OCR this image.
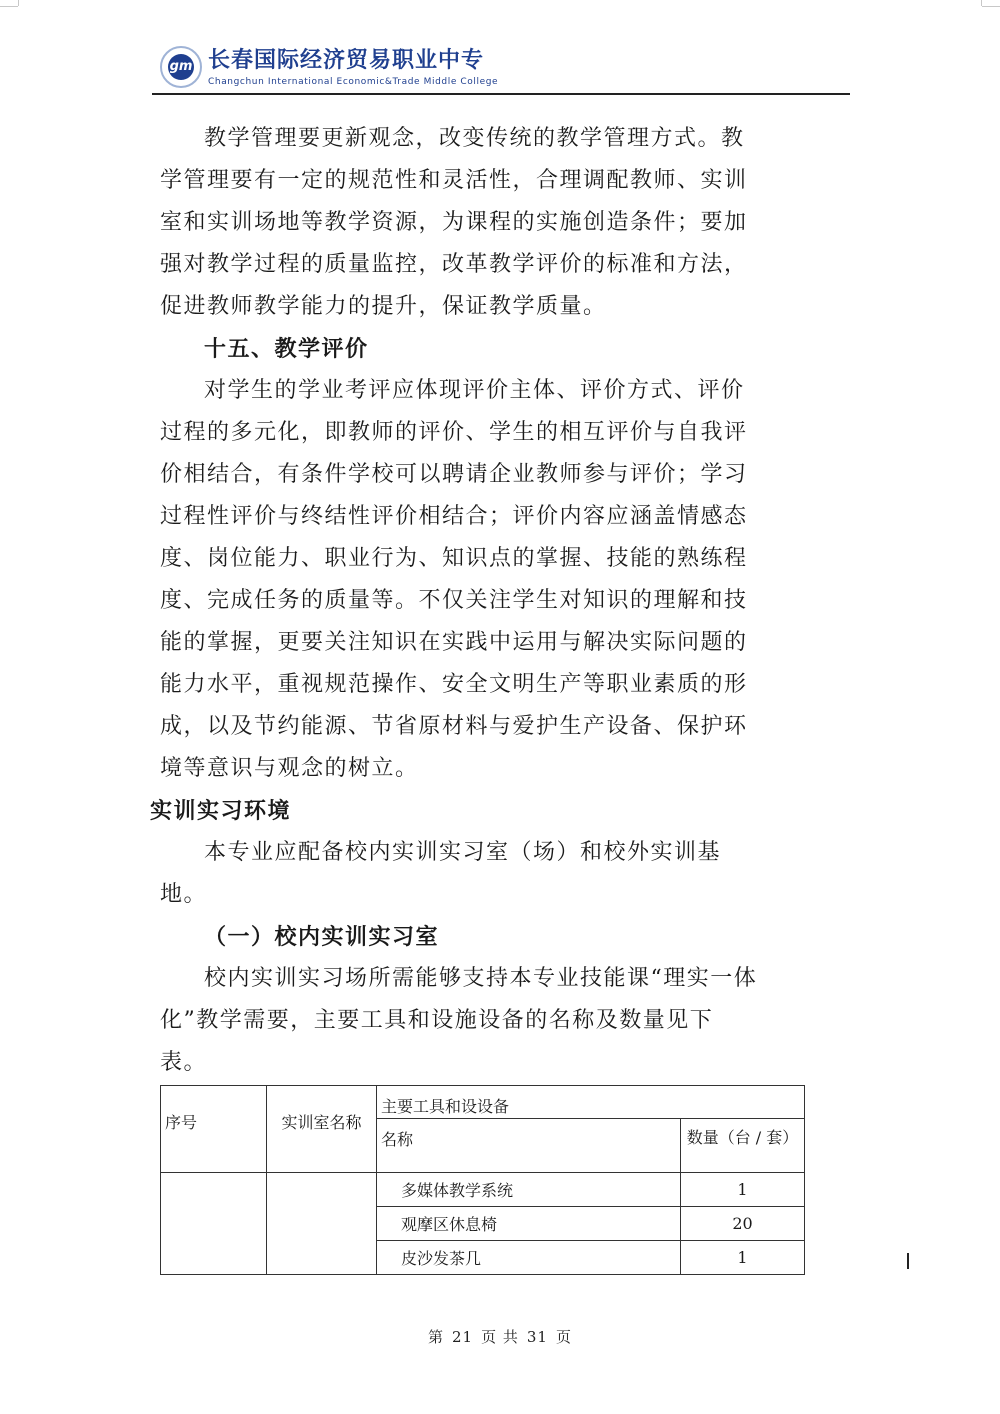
gm 长春国际经济贸易职业中专
Changchun International Economic&Trade Middle College

教学管理要更新观念，改变传统的教学管理方式。教学管理要有一定的规范性和灵活性，合理调配教师、实训室和实训场地等教学资源，为课程的实施创造条件；要加强对教学过程的质量监控，改革教学评价的标准和方法，促进教师教学能力的提升，保证教学质量。

十五、教学评价

对学生的学业考评应体现评价主体、评价方式、评价过程的多元化，即教师的评价、学生的相互评价与自我评价相结合，有条件学校可以聘请企业教师参与评价；学习过程性评价与终结性评价相结合；评价内容应涵盖情感态度、岗位能力、职业行为、知识点的掌握、技能的熟练程度、完成任务的质量等。不仅关注学生对知识的理解和技能的掌握，更要关注知识在实践中运用与解决实际问题的能力水平，重视规范操作、安全文明生产等职业素质的形成，以及节约能源、节省原材料与爱护生产设备、保护环境等意识与观念的树立。

实训实习环境

本专业应配备校内实训实习室（场）和校外实训基地。

（一）校内实训实习室

校内实训实习场所需能够支持本专业技能课“理实一体化”教学需要，主要工具和设施设备的名称及数量见下表。

序号	实训室名称	主要工具和设设备	
		名称	数量（台 / 套）
		多媒体教学系统	1
		观摩区休息椅	20
		皮沙发茶几	1
第 21 页 共 31 页
